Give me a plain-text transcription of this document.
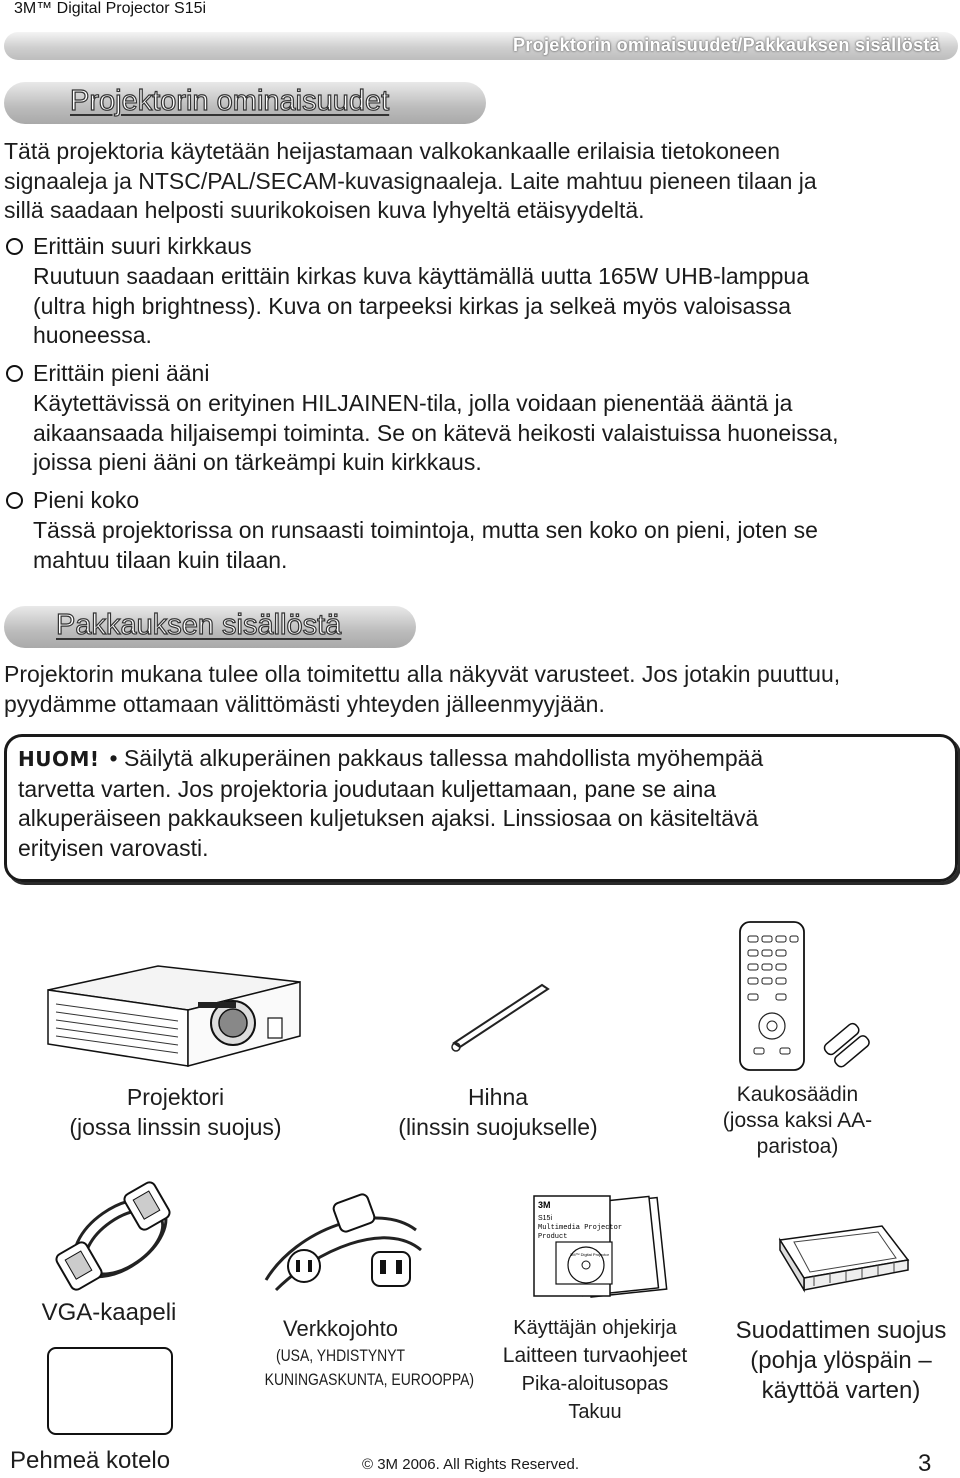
3M™ Digital Projector S15i
Projektorin ominaisuudet/Pakkauksen sisällöstä
Projektorin ominaisuudet
Tätä projektoria käytetään heijastamaan valkokankaalle erilaisia tietokoneen
signaaleja ja NTSC/PAL/SECAM-kuvasignaaleja. Laite mahtuu pieneen tilaan ja
sillä saadaan helposti suurikokoisen kuva lyhyeltä etäisyydeltä.
Erittäin suuri kirkkaus
Ruutuun saadaan erittäin kirkas kuva käyttämällä uutta 165W UHB-lamppua
(ultra high brightness). Kuva on tarpeeksi kirkas ja selkeä myös valoisassa
huoneessa.
Erittäin pieni ääni
Käytettävissä on erityinen HILJAINEN-tila, jolla voidaan pienentää ääntä ja
aikaansaada hiljaisempi toiminta. Se on kätevä heikosti valaistuissa huoneissa,
joissa pieni ääni on tärkeämpi kuin kirkkaus.
Pieni koko
Tässä projektorissa on runsaasti toimintoja, mutta sen koko on pieni, joten se
mahtuu tilaan kuin tilaan.
Pakkauksen sisällöstä
Projektorin mukana tulee olla toimitettu alla näkyvät varusteet. Jos jotakin puuttuu,
pyydämme ottamaan välittömästi yhteyden jälleenmyyjään.
HUOM! • Säilytä alkuperäinen pakkaus tallessa mahdollista myöhempää
tarvetta varten. Jos projektoria joudutaan kuljettamaan, pane se aina
alkuperäiseen pakkaukseen kuljetuksen ajaksi. Linssiosaa on käsiteltävä
erityisen varovasti.
Projektori
(jossa linssin suojus)
Hihna
(linssin suojukselle)
Kaukosäädin
(jossa kaksi AA-
paristoa)
VGA-kaapeli
Verkkojohto
(USA, YHDISTYNYT
KUNINGASKUNTA, EUROOPPA)
3M
S15i
Multimedia Projector
Product
3M™ Digital Projector
Käyttäjän ohjekirja
Laitteen turvaohjeet
Pika-aloitusopas
Takuu
Suodattimen suojus
(pohja ylöspäin –
käyttöä varten)
Pehmeä kotelo	© 3M 2006. All Rights Reserved.	3
